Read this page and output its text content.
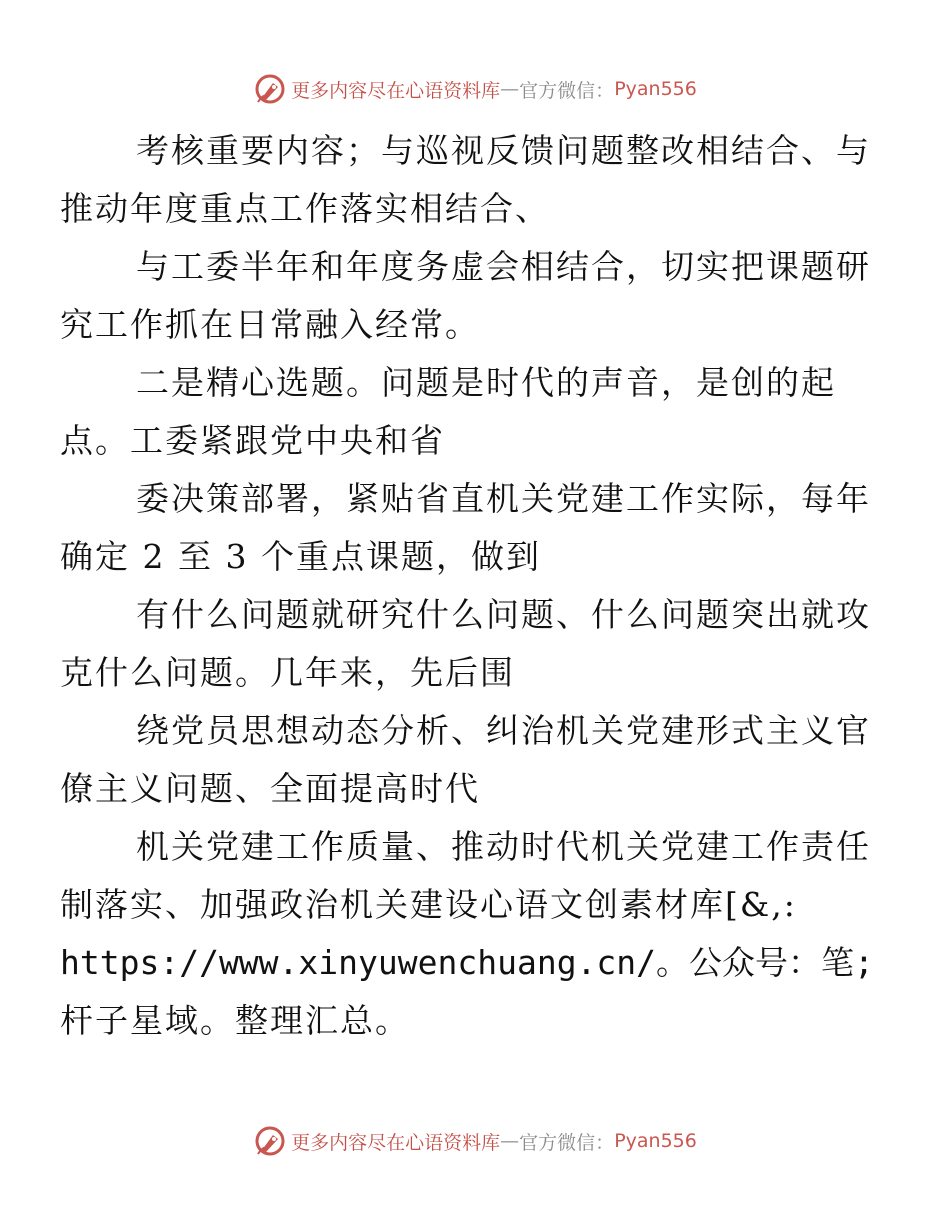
更多内容尽在心语资料库 — 官方微信： Pyan556

考核重要内容；与巡视反馈问题整改相结合、与
推动年度重点工作落实相结合、

与工委半年和年度务虚会相结合，切实把课题研
究工作抓在日常融入经常。

二是精心选题。问题是时代的声音，是创的起
点。工委紧跟党中央和省

委决策部署，紧贴省直机关党建工作实际，每年
确定 2 至 3 个重点课题，做到

有什么问题就研究什么问题、什么问题突出就攻
克什么问题。几年来，先后围

绕党员思想动态分析、纠治机关党建形式主义官
僚主义问题、全面提高时代

机关党建工作质量、推动时代机关党建工作责任
制落实、加强政治机关建设心语文创素材库[&,:
https://www.xinyuwenchuang.cn/。公众号：笔;
杆子星域。整理汇总。

更多内容尽在心语资料库 — 官方微信： Pyan556
